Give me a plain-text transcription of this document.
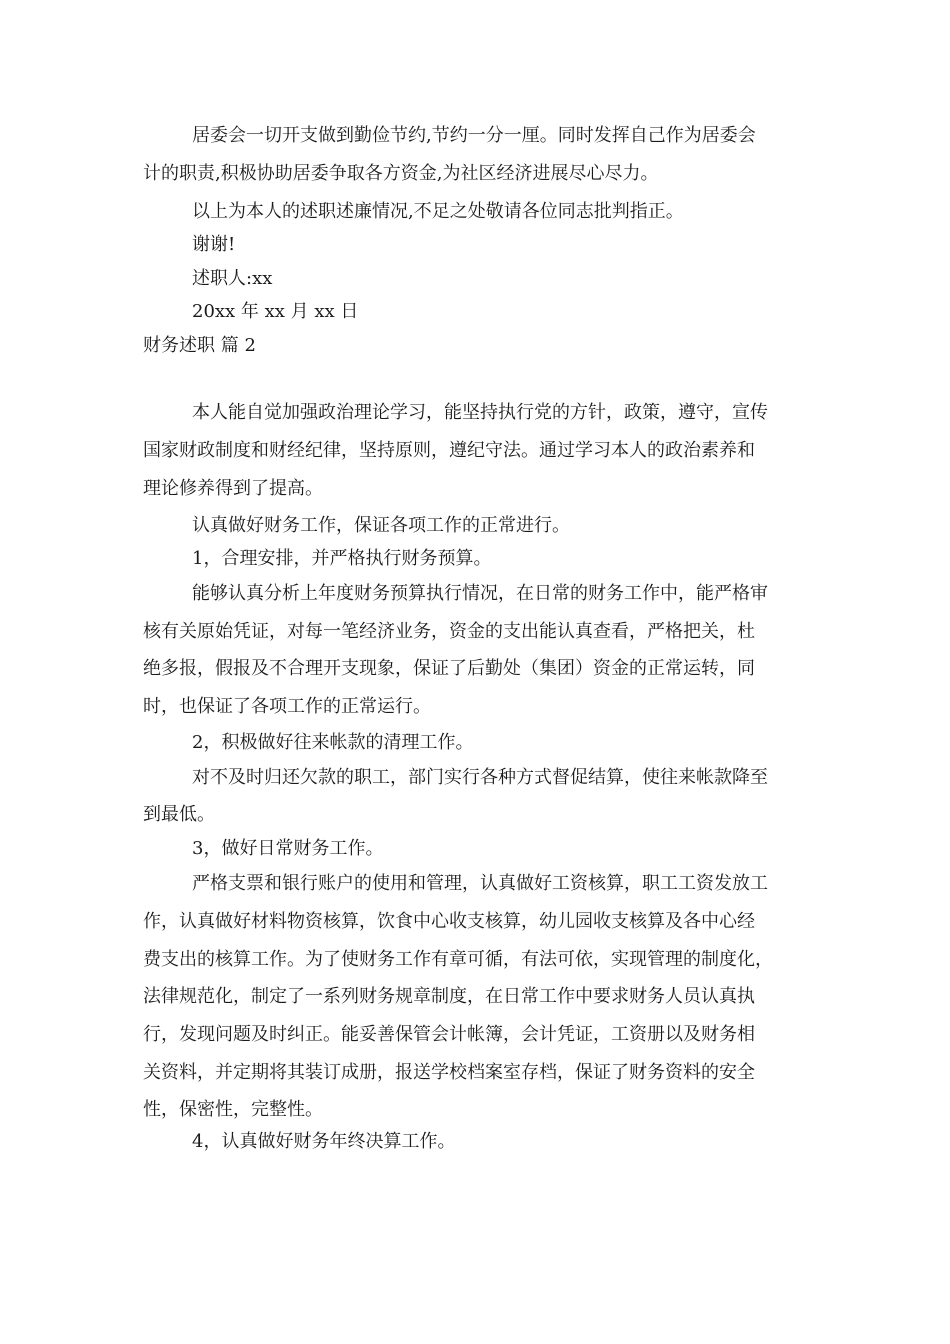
居委会一切开支做到勤俭节约,节约一分一厘。同时发挥自己作为居委会
计的职责,积极协助居委争取各方资金,为社区经济进展尽心尽力。
以上为本人的述职述廉情况,不足之处敬请各位同志批判指正。
谢谢!
述职人:xx
20xx 年 xx 月 xx 日
财务述职 篇 2
本人能自觉加强政治理论学习，能坚持执行党的方针，政策，遵守，宣传
国家财政制度和财经纪律，坚持原则，遵纪守法。通过学习本人的政治素养和
理论修养得到了提高。
认真做好财务工作，保证各项工作的正常进行。
1，合理安排，并严格执行财务预算。
能够认真分析上年度财务预算执行情况，在日常的财务工作中，能严格审
核有关原始凭证，对每一笔经济业务，资金的支出能认真查看，严格把关，杜
绝多报，假报及不合理开支现象，保证了后勤处（集团）资金的正常运转，同
时，也保证了各项工作的正常运行。
2，积极做好往来帐款的清理工作。
对不及时归还欠款的职工，部门实行各种方式督促结算，使往来帐款降至
到最低。
3，做好日常财务工作。
严格支票和银行账户的使用和管理，认真做好工资核算，职工工资发放工
作，认真做好材料物资核算，饮食中心收支核算，幼儿园收支核算及各中心经
费支出的核算工作。为了使财务工作有章可循，有法可依，实现管理的制度化，
法律规范化，制定了一系列财务规章制度，在日常工作中要求财务人员认真执
行，发现问题及时纠正。能妥善保管会计帐簿，会计凭证，工资册以及财务相
关资料，并定期将其装订成册，报送学校档案室存档，保证了财务资料的安全
性，保密性，完整性。
4，认真做好财务年终决算工作。
